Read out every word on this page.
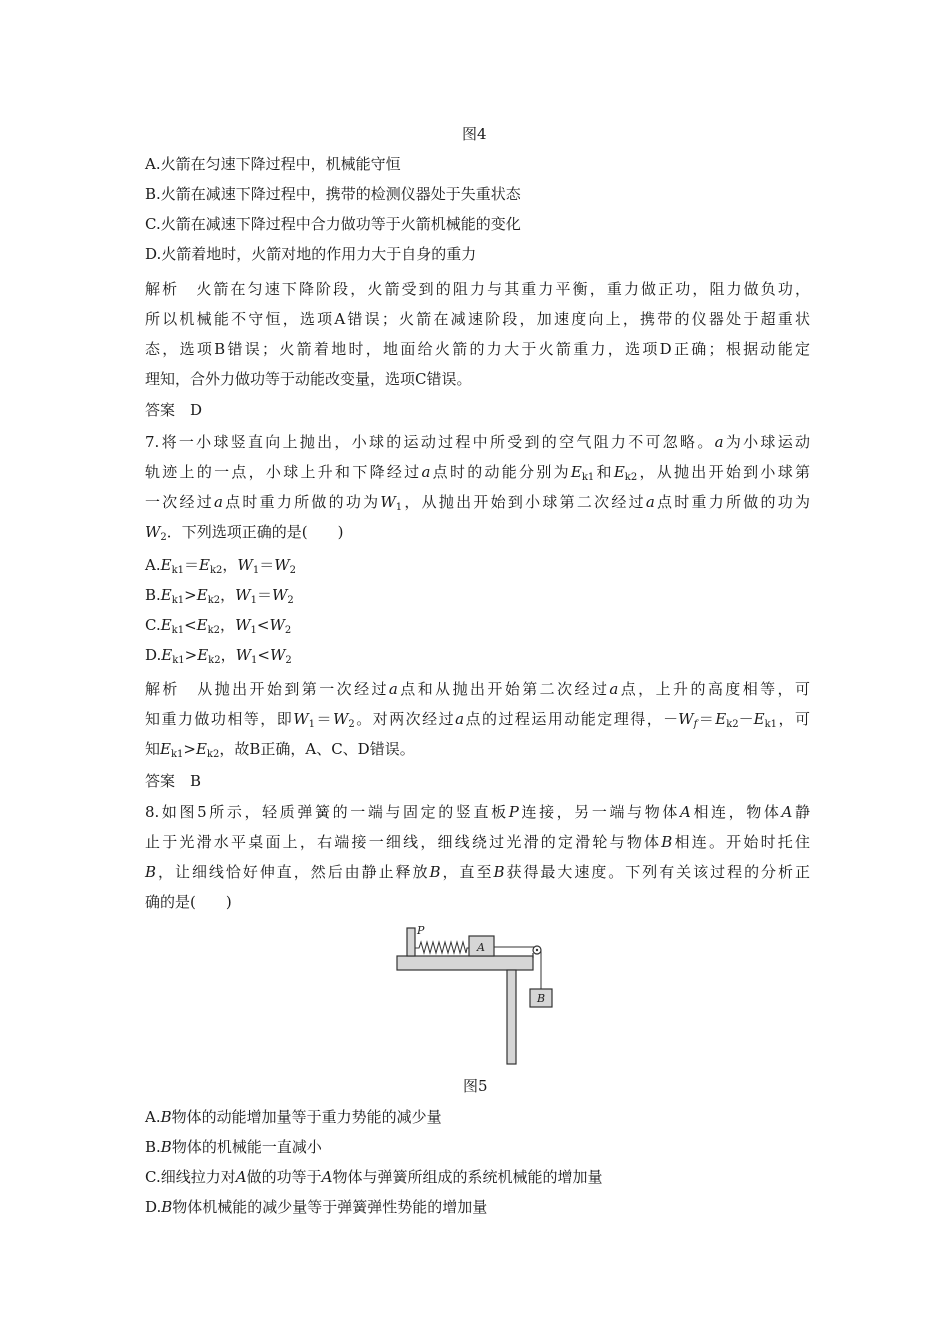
图4
A.火箭在匀速下降过程中，机械能守恒
B.火箭在减速下降过程中，携带的检测仪器处于失重状态
C.火箭在减速下降过程中合力做功等于火箭机械能的变化
D.火箭着地时，火箭对地的作用力大于自身的重力
解析　火箭在匀速下降阶段，火箭受到的阻力与其重力平衡，重力做正功，阻力做负功，
所以机械能不守恒，选项A错误；火箭在减速阶段，加速度向上，携带的仪器处于超重状
态，选项B错误；火箭着地时，地面给火箭的力大于火箭重力，选项D正确；根据动能定
理知，合外力做功等于动能改变量，选项C错误。
答案　D
7.将一小球竖直向上抛出，小球的运动过程中所受到的空气阻力不可忽略。a为小球运动
轨迹上的一点，小球上升和下降经过a点时的动能分别为$E_{k1}$和$E_{k2}$，从抛出开始到小球第
一次经过a点时重力所做的功为$W_1$，从抛出开始到小球第二次经过a点时重力所做的功为
$W_2$．下列选项正确的是(　　)
$A.E_{k1}=E_{k2}$，$W_1=W_2$
$B.E_{k1}>E_{k2}$，$W_1=W_2$
$C.E_{k1}<E_{k2}$，$W_1<W_2$
$D.E_{k1}>E_{k2}$，$W_1<W_2$
解析　从抛出开始到第一次经过a点和从抛出开始第二次经过a点，上升的高度相等，可
知重力做功相等，即$W_1=W_2$。对两次经过a点的过程运用动能定理得，$-W_f=E_{k2}-E_{k1}$，可
知$E_{k1}>E_{k2}$，故B正确，A、C、D错误。
答案　B
8.如图5所示，轻质弹簧的一端与固定的竖直板P连接，另一端与物体A相连，物体A静
止于光滑水平桌面上，右端接一细线，细线绕过光滑的定滑轮与物体B相连。开始时托住
B，让细线恰好伸直，然后由静止释放B，直至B获得最大速度。下列有关该过程的分析正
确的是(　　)
P
A
B
图5
A.B物体的动能增加量等于重力势能的减少量
B.B物体的机械能一直减小
C.细线拉力对A做的功等于A物体与弹簧所组成的系统机械能的增加量
D.B物体机械能的减少量等于弹簧弹性势能的增加量
